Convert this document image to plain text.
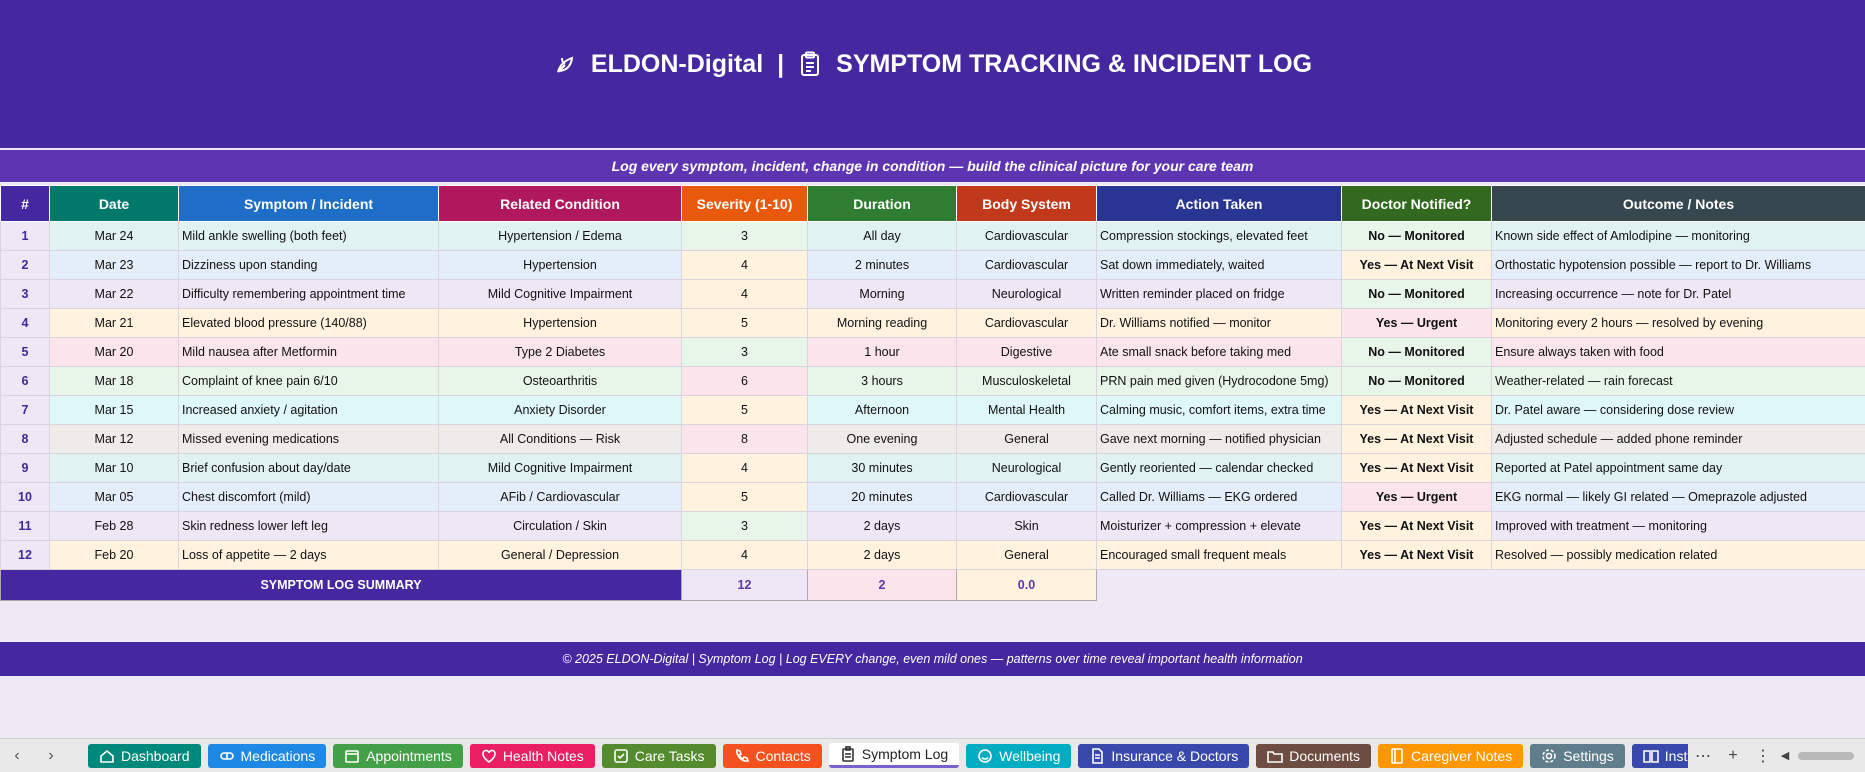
ELDON-Digital | SYMPTOM TRACKING & INCIDENT LOG
Log every symptom, incident, change in condition — build the clinical picture for your care team
#	Date	Symptom / Incident	Related Condition	Severity (1-10)	Duration	Body System	Action Taken	Doctor Notified?	Outcome / Notes
1	Mar 24	Mild ankle swelling (both feet)	Hypertension / Edema	3	All day	Cardiovascular	Compression stockings, elevated feet	No — Monitored	Known side effect of Amlodipine — monitoring
2	Mar 23	Dizziness upon standing	Hypertension	4	2 minutes	Cardiovascular	Sat down immediately, waited	Yes — At Next Visit	Orthostatic hypotension possible — report to Dr. Williams
3	Mar 22	Difficulty remembering appointment time	Mild Cognitive Impairment	4	Morning	Neurological	Written reminder placed on fridge	No — Monitored	Increasing occurrence — note for Dr. Patel
4	Mar 21	Elevated blood pressure (140/88)	Hypertension	5	Morning reading	Cardiovascular	Dr. Williams notified — monitor	Yes — Urgent	Monitoring every 2 hours — resolved by evening
5	Mar 20	Mild nausea after Metformin	Type 2 Diabetes	3	1 hour	Digestive	Ate small snack before taking med	No — Monitored	Ensure always taken with food
6	Mar 18	Complaint of knee pain 6/10	Osteoarthritis	6	3 hours	Musculoskeletal	PRN pain med given (Hydrocodone 5mg)	No — Monitored	Weather-related — rain forecast
7	Mar 15	Increased anxiety / agitation	Anxiety Disorder	5	Afternoon	Mental Health	Calming music, comfort items, extra time	Yes — At Next Visit	Dr. Patel aware — considering dose review
8	Mar 12	Missed evening medications	All Conditions — Risk	8	One evening	General	Gave next morning — notified physician	Yes — At Next Visit	Adjusted schedule — added phone reminder
9	Mar 10	Brief confusion about day/date	Mild Cognitive Impairment	4	30 minutes	Neurological	Gently reoriented — calendar checked	Yes — At Next Visit	Reported at Patel appointment same day
10	Mar 05	Chest discomfort (mild)	AFib / Cardiovascular	5	20 minutes	Cardiovascular	Called Dr. Williams — EKG ordered	Yes — Urgent	EKG normal — likely GI related — Omeprazole adjusted
11	Feb 28	Skin redness lower left leg	Circulation / Skin	3	2 days	Skin	Moisturizer + compression + elevate	Yes — At Next Visit	Improved with treatment — monitoring
12	Feb 20	Loss of appetite — 2 days	General / Depression	4	2 days	General	Encouraged small frequent meals	Yes — At Next Visit	Resolved — possibly medication related
SYMPTOM LOG SUMMARY				12	2	0.0			
© 2025 ELDON-Digital | Symptom Log | Log EVERY change, even mild ones — patterns over time reveal important health information
‹	›	Dashboard	Medications	Appointments	Health Notes	Care Tasks	Contacts	Symptom Log	Wellbeing	Insurance & Doctors	Documents	Caregiver Notes	Settings	Inst ⋯	+	⋮ ◀
